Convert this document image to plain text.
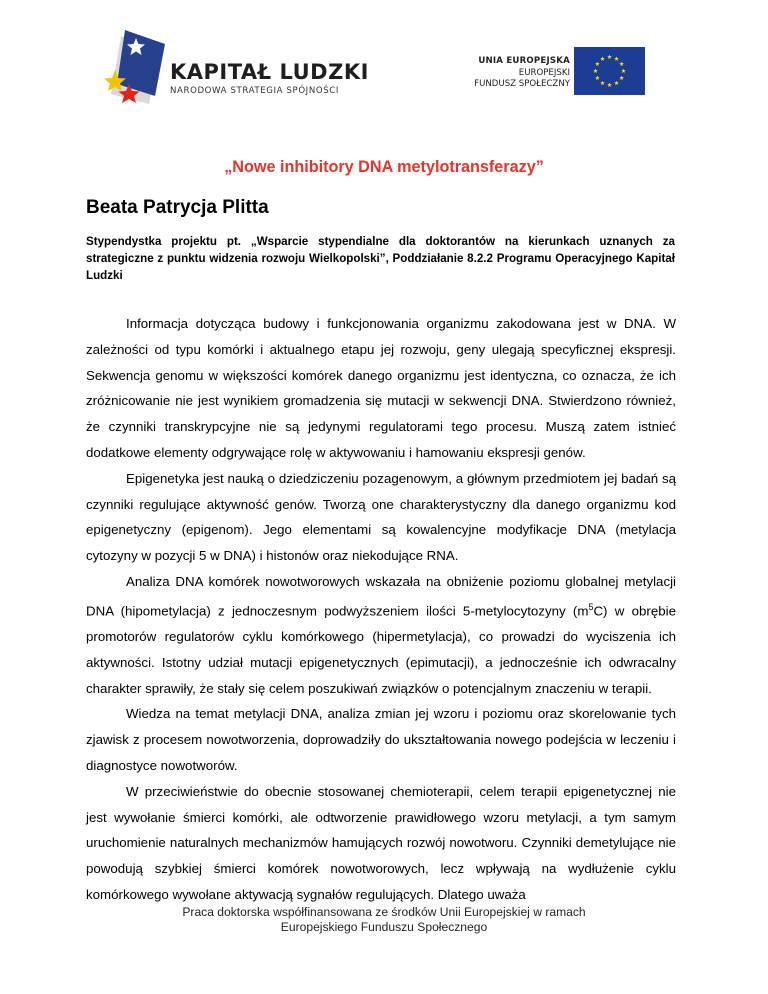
KAPITAŁ LUDZKI
NARODOWA STRATEGIA SPÓJNOŚCI
UNIA EUROPEJSKA
EUROPEJSKI
FUNDUSZ SPOŁECZNY
„Nowe inhibitory DNA metylotransferazy”
Beata Patrycja Plitta
Stypendystka projektu pt. „Wsparcie stypendialne dla doktorantów na kierunkach uznanych za strategiczne z punktu widzenia rozwoju Wielkopolski”, Poddziałanie 8.2.2 Programu Operacyjnego Kapitał Ludzki

Informacja dotycząca budowy i funkcjonowania organizmu zakodowana jest w DNA. W zależności od typu komórki i aktualnego etapu jej rozwoju, geny ulegają specyficznej ekspresji. Sekwencja genomu w większości komórek danego organizmu jest identyczna, co oznacza, że ich zróżnicowanie nie jest wynikiem gromadzenia się mutacji w sekwencji DNA. Stwierdzono również, że czynniki transkrypcyjne nie są jedynymi regulatorami tego procesu. Muszą zatem istnieć dodatkowe elementy odgrywające rolę w aktywowaniu i hamowaniu ekspresji genów.

Epigenetyka jest nauką o dziedziczeniu pozagenowym, a głównym przedmiotem jej badań są czynniki regulujące aktywność genów. Tworzą one charakterystyczny dla danego organizmu kod epigenetyczny (epigenom). Jego elementami są kowalencyjne modyfikacje DNA (metylacja cytozyny w pozycji 5 w DNA) i histonów oraz niekodujące RNA.

Analiza DNA komórek nowotworowych wskazała na obniżenie poziomu globalnej metylacji DNA (hipometylacja) z jednoczesnym podwyższeniem ilości 5-metylocytozyny $(m^5C)$ w obrębie promotorów regulatorów cyklu komórkowego (hipermetylacja), co prowadzi do wyciszenia ich aktywności. Istotny udział mutacji epigenetycznych (epimutacji), a jednocześnie ich odwracalny charakter sprawiły, że stały się celem poszukiwań związków o potencjalnym znaczeniu w terapii.

Wiedza na temat metylacji DNA, analiza zmian jej wzoru i poziomu oraz skorelowanie tych zjawisk z procesem nowotworzenia, doprowadziły do ukształtowania nowego podejścia w leczeniu i diagnostyce nowotworów.

W przeciwieństwie do obecnie stosowanej chemioterapii, celem terapii epigenetycznej nie jest wywołanie śmierci komórki, ale odtworzenie prawidłowego wzoru metylacji, a tym samym uruchomienie naturalnych mechanizmów hamujących rozwój nowotworu. Czynniki demetylujące nie powodują szybkiej śmierci komórek nowotworowych, lecz wpływają na wydłużenie cyklu komórkowego wywołane aktywacją sygnałów regulujących. Dlatego uważa

Praca doktorska współfinansowana ze środków Unii Europejskiej w ramach
Europejskiego Funduszu Społecznego
